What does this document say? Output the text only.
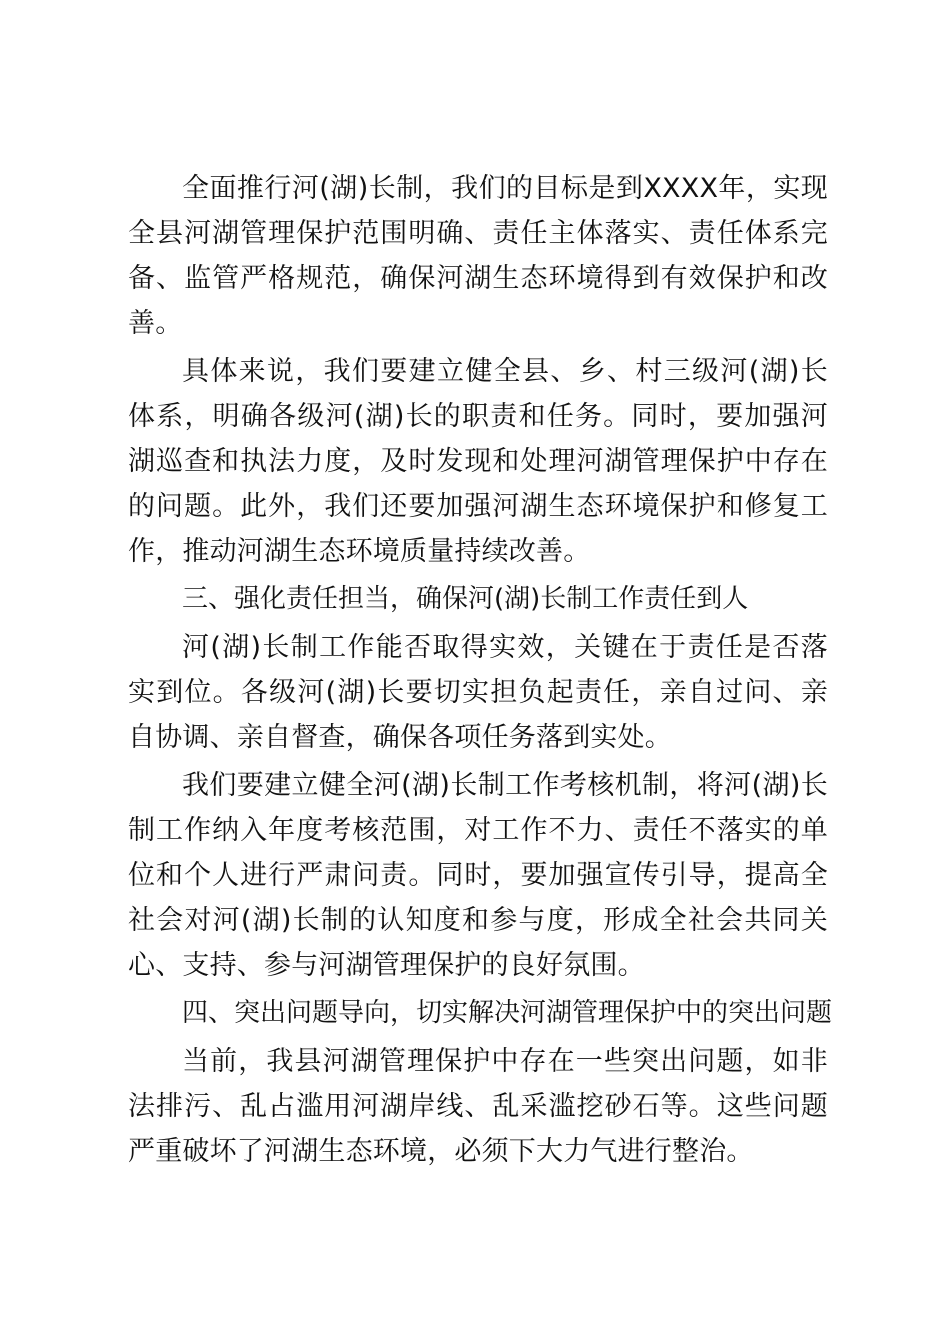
全面推行河(湖)长制，我们的目标是到XXXX年，实现全县河湖管理保护范围明确、责任主体落实、责任体系完备、监管严格规范，确保河湖生态环境得到有效保护和改善。

具体来说，我们要建立健全县、乡、村三级河(湖)长体系，明确各级河(湖)长的职责和任务。同时，要加强河湖巡查和执法力度，及时发现和处理河湖管理保护中存在的问题。此外，我们还要加强河湖生态环境保护和修复工作，推动河湖生态环境质量持续改善。

三、强化责任担当，确保河(湖)长制工作责任到人

河(湖)长制工作能否取得实效，关键在于责任是否落实到位。各级河(湖)长要切实担负起责任，亲自过问、亲自协调、亲自督查，确保各项任务落到实处。

我们要建立健全河(湖)长制工作考核机制，将河(湖)长制工作纳入年度考核范围，对工作不力、责任不落实的单位和个人进行严肃问责。同时，要加强宣传引导，提高全社会对河(湖)长制的认知度和参与度，形成全社会共同关心、支持、参与河湖管理保护的良好氛围。

四、突出问题导向，切实解决河湖管理保护中的突出问题

当前，我县河湖管理保护中存在一些突出问题，如非法排污、乱占滥用河湖岸线、乱采滥挖砂石等。这些问题严重破坏了河湖生态环境，必须下大力气进行整治。
